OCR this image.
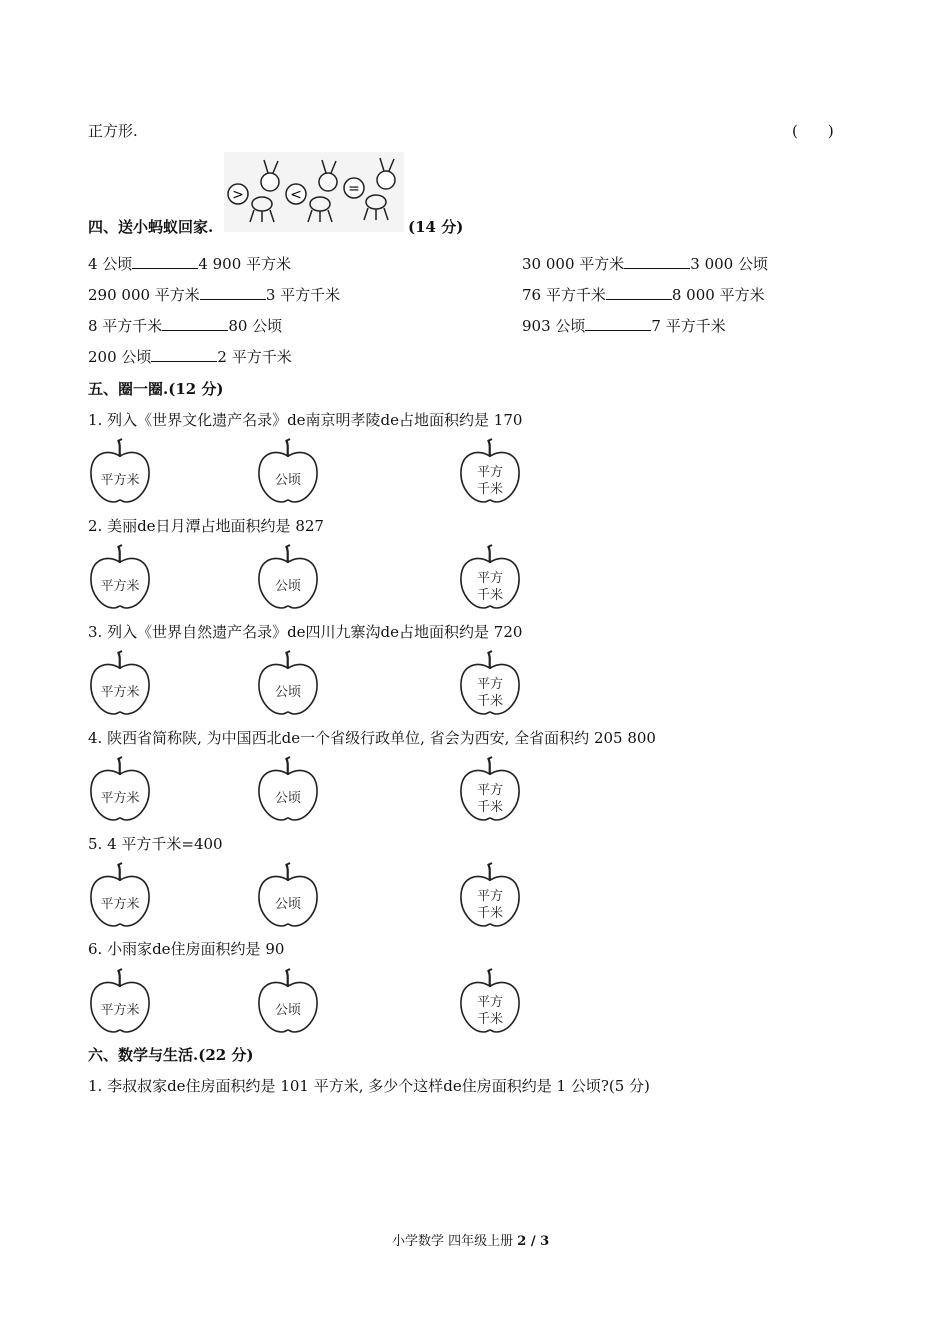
正方形.	(　　)
>	<	=
四、送小蚂蚁回家.	(14 分)
4 公顷	4 900 平方米	30 000 平方米	3 000 公顷
290 000 平方米	3 平方千米	76 平方千米	8 000 平方米
8 平方千米	80 公顷	903 公顷	7 平方千米
200 公顷	2 平方千米
五、圈一圈.(12 分)
1. 列入《世界文化遗产名录》de南京明孝陵de占地面积约是 170
2. 美丽de日月潭占地面积约是 827
3. 列入《世界自然遗产名录》de四川九寨沟de占地面积约是 720
4. 陕西省简称陕, 为中国西北de一个省级行政单位, 省会为西安, 全省面积约 205 800
5. 4 平方千米=400
6. 小雨家de住房面积约是 90
平方米	公顷
平方
千米
平方米	公顷
平方
千米
平方米	公顷
平方
千米
平方米	公顷
平方
千米
平方米	公顷
平方
千米
平方米	公顷
平方
千米
六、数学与生活.(22 分)
1. 李叔叔家de住房面积约是 101 平方米, 多少个这样de住房面积约是 1 公顷?(5 分)
小学数学 四年级上册 2 / 3
